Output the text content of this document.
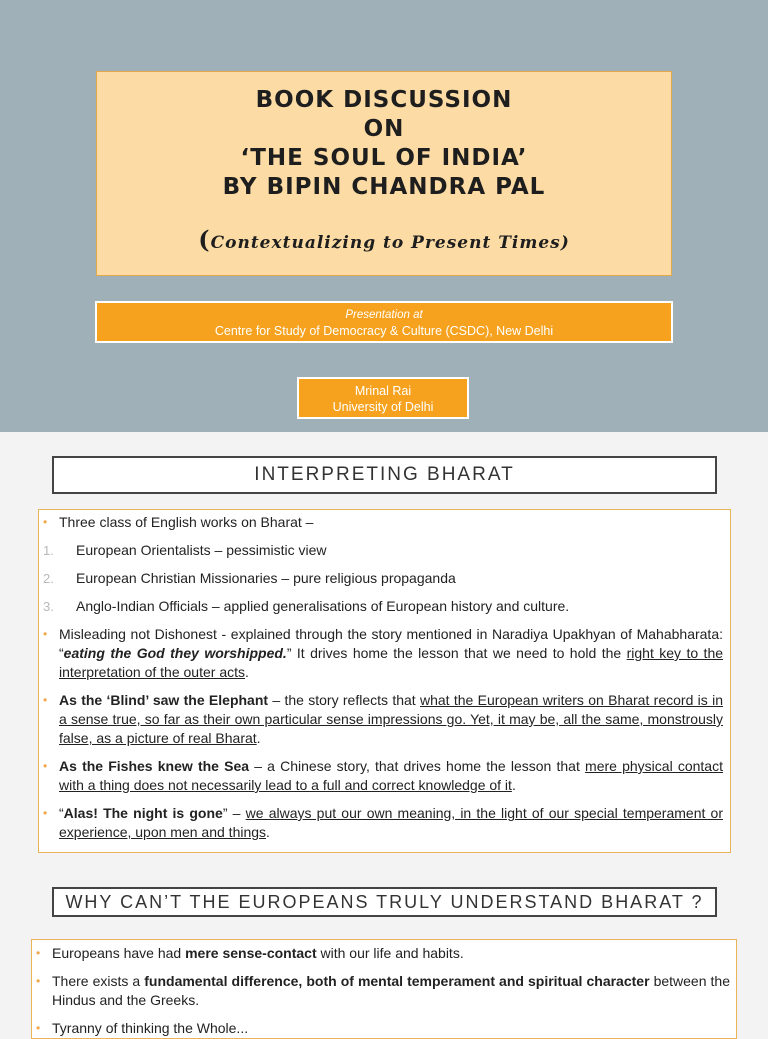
BOOK DISCUSSION
ON
‘THE SOUL OF INDIA’
BY BIPIN CHANDRA PAL
(Contextualizing to Present Times)
Presentation at
Centre for Study of Democracy & Culture (CSDC), New Delhi
Mrinal Rai
University of Delhi
INTERPRETING BHARAT
• Three class of English works on Bharat –
1. European Orientalists – pessimistic view
2. European Christian Missionaries – pure religious propaganda
3. Anglo-Indian Officials – applied generalisations of European history and culture.
• Misleading not Dishonest - explained through the story mentioned in Naradiya Upakhyan of Mahabharata: “eating the God they worshipped.” It drives home the lesson that we need to hold the right key to the interpretation of the outer acts.
• As the ‘Blind’ saw the Elephant – the story reflects that what the European writers on Bharat record is in a sense true, so far as their own particular sense impressions go. Yet, it may be, all the same, monstrously false, as a picture of real Bharat.
• As the Fishes knew the Sea – a Chinese story, that drives home the lesson that mere physical contact with a thing does not necessarily lead to a full and correct knowledge of it.
• “Alas! The night is gone” – we always put our own meaning, in the light of our special temperament or experience, upon men and things.
WHY CAN’T THE EUROPEANS TRULY UNDERSTAND BHARAT ?
• Europeans have had mere sense-contact with our life and habits.
• There exists a fundamental difference, both of mental temperament and spiritual character between the Hindus and the Greeks.
• Tyranny of thinking the Whole...
